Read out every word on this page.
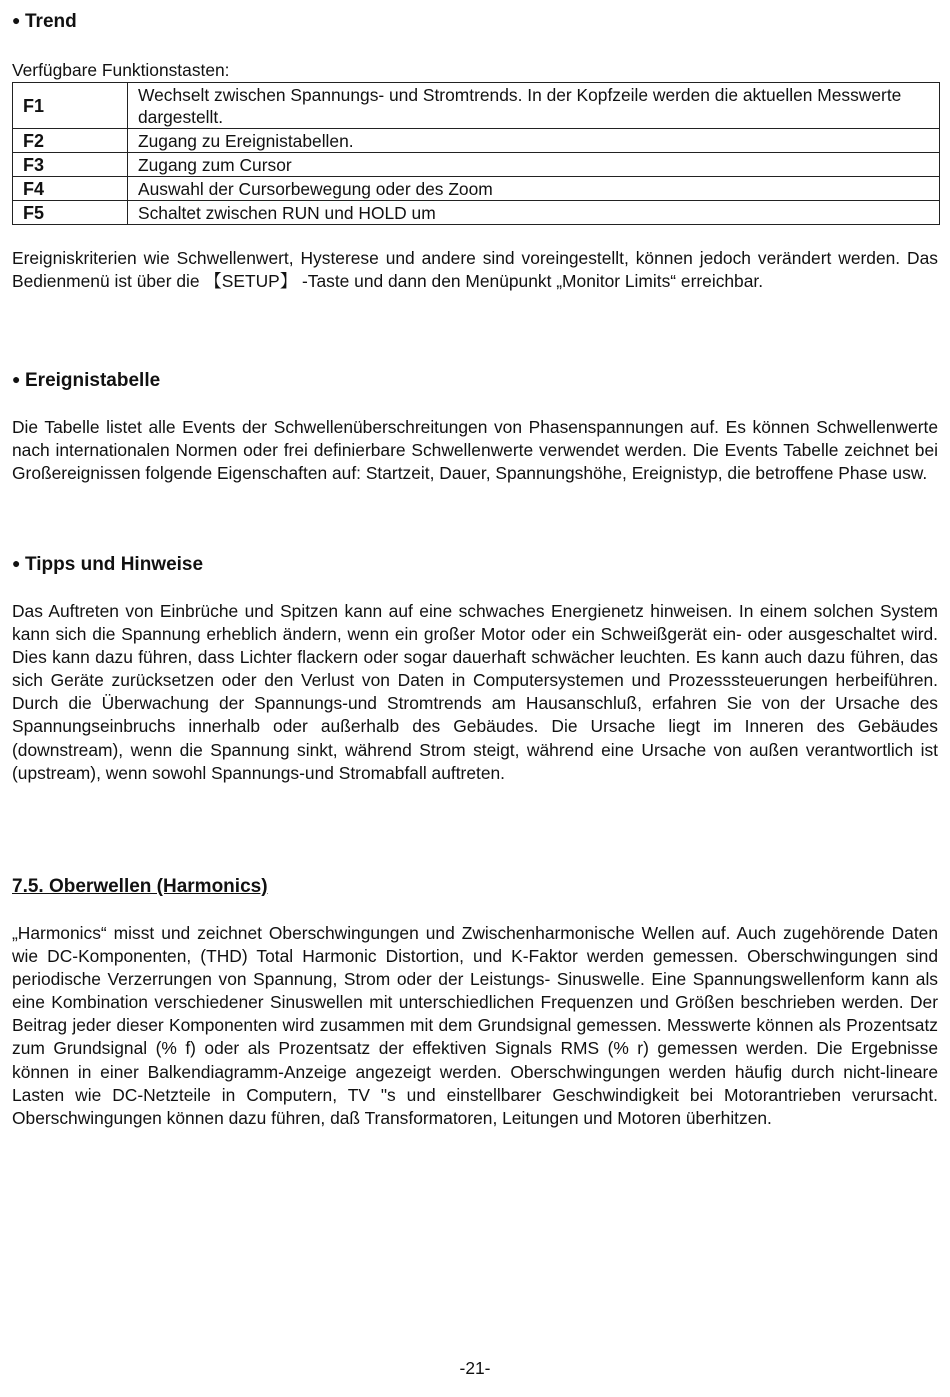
● Trend
Verfügbare Funktionstasten:
F1	Wechselt zwischen Spannungs- und Stromtrends. In der Kopfzeile werden die aktuellen Messwerte dargestellt.
F2	Zugang zu Ereignistabellen.
F3	Zugang zum Cursor
F4	Auswahl der Cursorbewegung oder des Zoom
F5	Schaltet zwischen RUN und HOLD um
Ereigniskriterien wie Schwellenwert, Hysterese und andere sind voreingestellt, können jedoch verändert werden. Das Bedienmenü ist über die 【SETUP】 -Taste und dann den Menüpunkt „Monitor Limits“ erreichbar.
● Ereignistabelle
Die Tabelle listet alle Events der Schwellenüberschreitungen von Phasenspannungen auf. Es können Schwellenwerte nach internationalen Normen oder frei definierbare Schwellenwerte verwendet werden. Die Events Tabelle zeichnet bei Großereignissen folgende Eigenschaften auf: Startzeit, Dauer, Spannungshöhe, Ereignistyp, die betroffene Phase usw.
● Tipps und Hinweise
Das Auftreten von Einbrüche und Spitzen kann auf eine schwaches Energienetz hinweisen. In einem solchen System kann sich die Spannung erheblich ändern, wenn ein großer Motor oder ein Schweißgerät ein- oder ausgeschaltet wird. Dies kann dazu führen, dass Lichter flackern oder sogar dauerhaft schwächer leuchten. Es kann auch dazu führen, das sich Geräte zurücksetzen oder den Verlust von Daten in Computersystemen und Prozesssteuerungen herbeiführen. Durch die Überwachung der Spannungs-und Stromtrends am Hausanschluß, erfahren Sie von der Ursache des Spannungseinbruchs innerhalb oder außerhalb des Gebäudes. Die Ursache liegt im Inneren des Gebäudes (downstream), wenn die Spannung sinkt, während Strom steigt, während eine Ursache von außen verantwortlich ist (upstream), wenn sowohl Spannungs-und Stromabfall auftreten.
7.5. Oberwellen (Harmonics)
„Harmonics“ misst und zeichnet Oberschwingungen und Zwischenharmonische Wellen auf. Auch zugehörende Daten wie DC-Komponenten, (THD) Total Harmonic Distortion, und K-Faktor werden gemessen. Oberschwingungen sind periodische Verzerrungen von Spannung, Strom oder der Leistungs- Sinuswelle. Eine Spannungswellenform kann als eine Kombination verschiedener Sinuswellen mit unterschiedlichen Frequenzen und Größen beschrieben werden. Der Beitrag jeder dieser Komponenten wird zusammen mit dem Grundsignal gemessen. Messwerte können als Prozentsatz zum Grundsignal (% f) oder als Prozentsatz der effektiven Signals RMS (% r) gemessen werden. Die Ergebnisse können in einer Balkendiagramm-Anzeige angezeigt werden. Oberschwingungen werden häufig durch nicht-lineare Lasten wie DC-Netzteile in Computern, TV "s und einstellbarer Geschwindigkeit bei Motorantrieben verursacht. Oberschwingungen können dazu führen, daß Transformatoren, Leitungen und Motoren überhitzen.
-21-
